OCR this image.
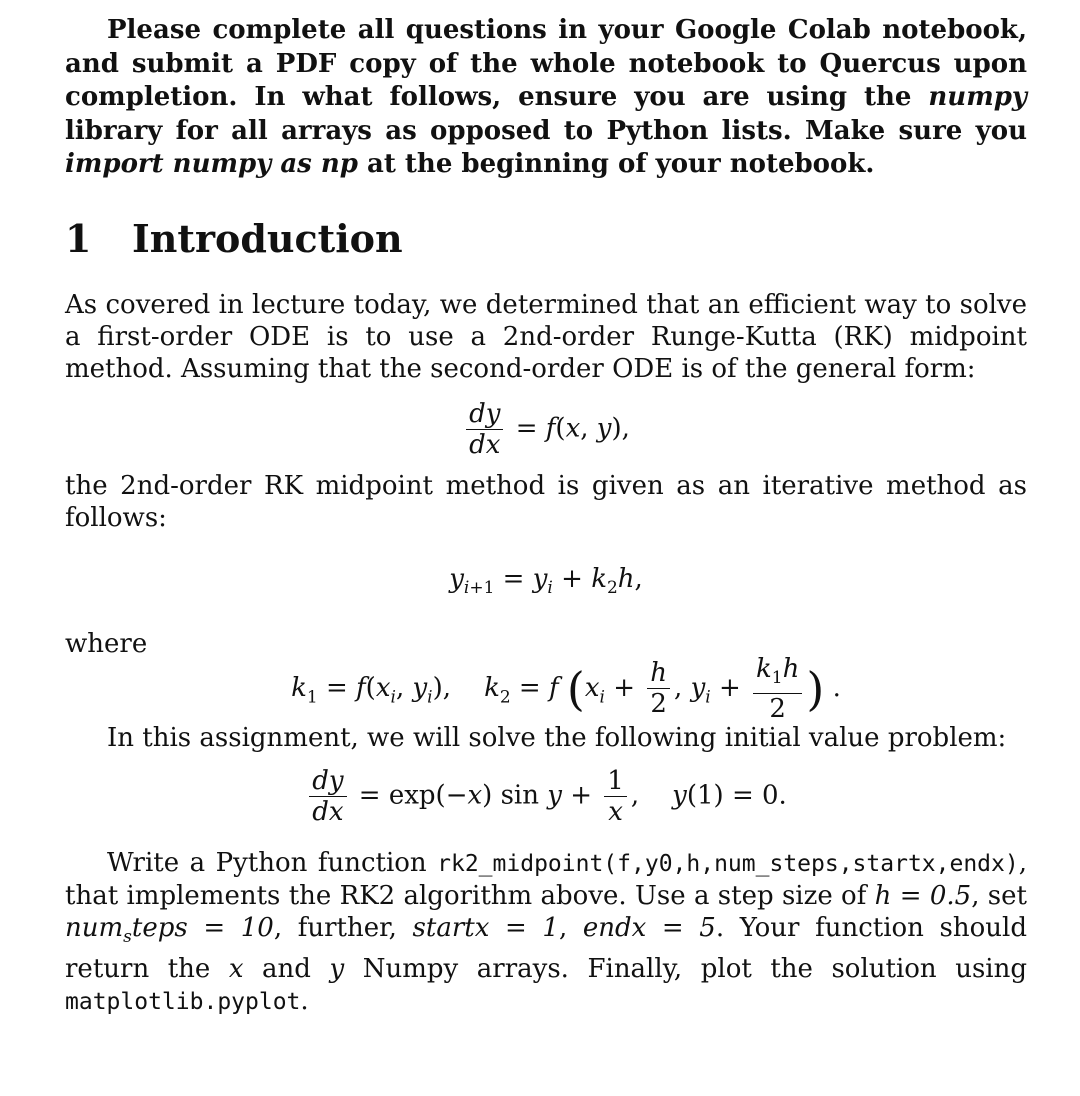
Please complete all questions in your Google Colab notebook, and submit a PDF copy of the whole notebook to Quercus upon completion. In what follows, ensure you are using the numpy library for all arrays as opposed to Python lists. Make sure you import numpy as np at the beginning of your notebook.

1	Introduction

As covered in lecture today, we determined that an efficient way to solve a first-order ODE is to use a 2nd-order Runge-Kutta (RK) midpoint method. Assuming that the second-order ODE is of the general form:

$\frac{dy}{dx} = f(x$, y),

the 2nd-order RK midpoint method is given as an iterative method as follows:

$y_{i+1} = y_i + k_2h$,

where

$k_1 = f(x_i$, $y_i$),    $k_2 = f$ ($x_i + \frac{h}{2}$ , $y_i + \frac{k_1h}{2}$ ) .

In this assignment, we will solve the following initial value problem:

$\frac{dy}{dx} = \exp(-x)$ $\sin y + \frac{1}{x}$ ,    y(1) = 0.

Write a Python function rk2_midpoint(f,y0,h,num_steps,startx,endx), that implements the RK2 algorithm above. Use a step size of h = 0.5, set num$_s$teps = 10, further, startx = 1, endx = 5. Your function should return the x and y Numpy arrays. Finally, plot the solution using matplotlib.pyplot.
